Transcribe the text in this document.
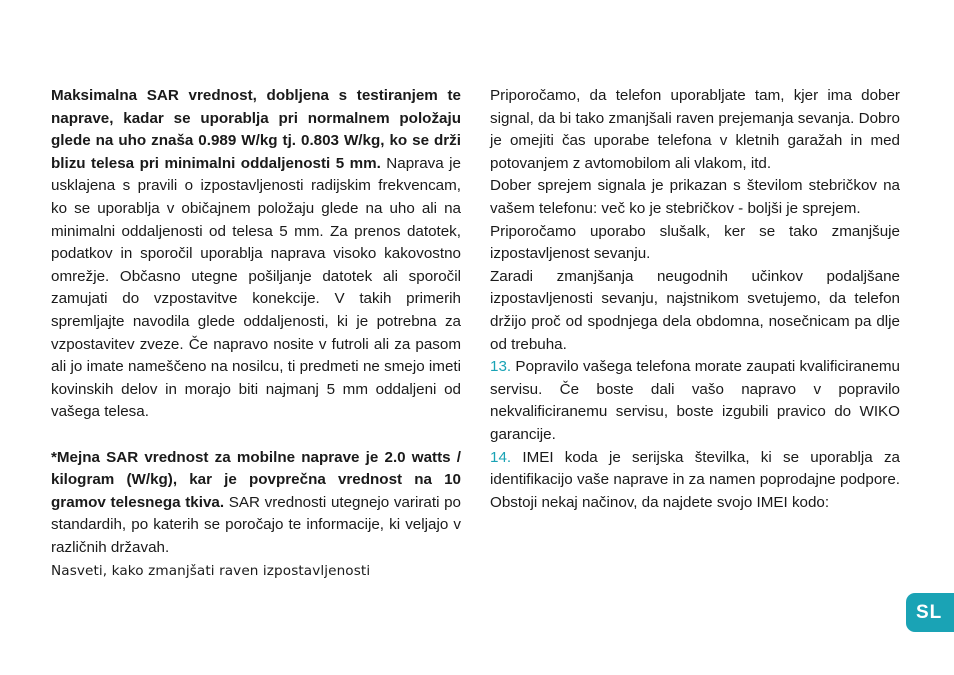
Maksimalna SAR vrednost, dobljena s testiranjem te naprave, kadar se uporablja pri normalnem položaju glede na uho znaša 0.989 W/kg tj. 0.803 W/kg, ko se drži blizu telesa pri minimalni oddaljenosti 5 mm. Naprava je usklajena s pravili o izpostavljenosti radijskim frekvencam, ko se uporablja v običajnem položaju glede na uho ali na minimalni oddaljenosti od telesa 5 mm. Za prenos datotek, podatkov in sporočil uporablja naprava visoko kakovostno omrežje. Občasno utegne pošiljanje datotek ali sporočil zamujati do vzpostavitve konekcije. V takih primerih spremljajte navodila glede oddaljenosti, ki je potrebna za vzpostavitev zveze. Če napravo nosite v futroli ali za pasom ali jo imate nameščeno na nosilcu, ti predmeti ne smejo imeti kovinskih delov in morajo biti najmanj 5 mm oddaljeni od vašega telesa.

*Mejna SAR vrednost za mobilne naprave je 2.0 watts / kilogram (W/kg), kar je povprečna vrednost na 10 gramov telesnega tkiva. SAR vrednosti utegnejo varirati po standardih, po katerih se poročajo te informacije, ki veljajo v različnih državah.

Nasveti, kako zmanjšati raven izpostavljenosti

Priporočamo, da telefon uporabljate tam, kjer ima dober signal, da bi tako zmanjšali raven prejemanja sevanja. Dobro je omejiti čas uporabe telefona v kletnih garažah in med potovanjem z avtomobilom ali vlakom, itd.

Dober sprejem signala je prikazan s številom stebričkov na vašem telefonu: več ko je stebričkov - boljši je sprejem.

Priporočamo uporabo slušalk, ker se tako zmanjšuje izpostavljenost sevanju.

Zaradi zmanjšanja neugodnih učinkov podaljšane izpostavljenosti sevanju, najstnikom svetujemo, da telefon držijo proč od spodnjega dela obdomna, nosečnicam pa dlje od trebuha.

13. Popravilo vašega telefona morate zaupati kvalificiranemu servisu. Če boste dali vašo napravo v popravilo nekvalificiranemu servisu, boste izgubili pravico do WIKO garancije.

14. IMEI koda je serijska številka, ki se uporablja za identifikacijo vaše naprave in za namen poprodajne podpore. Obstoji nekaj načinov, da najdete svojo IMEI kodo:

SL
